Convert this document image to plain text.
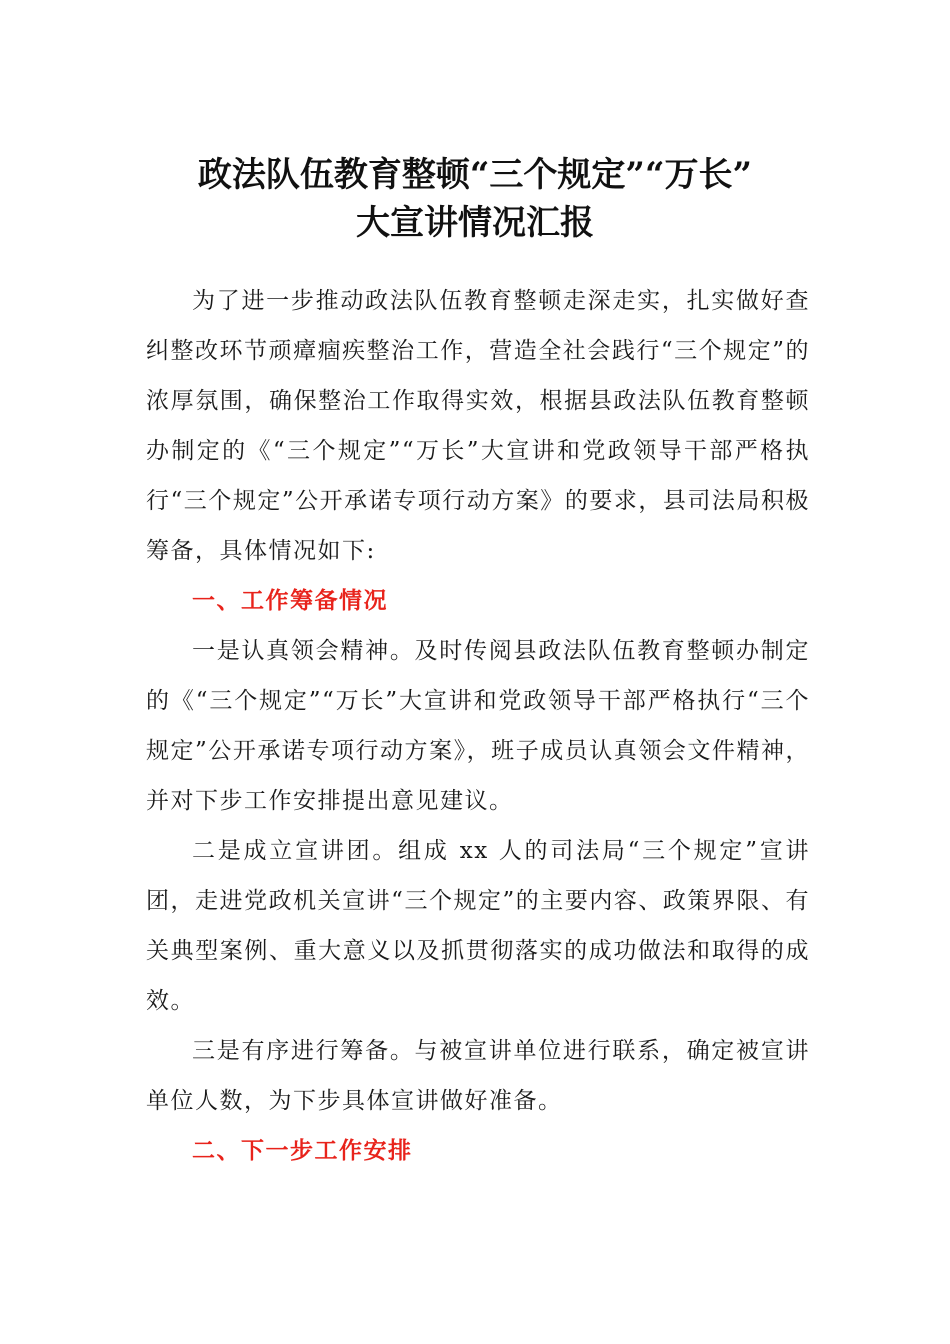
政法队伍教育整顿“三个规定”“万长”
大宣讲情况汇报

为了进一步推动政法队伍教育整顿走深走实，扎实做好查纠整改环节顽瘴痼疾整治工作，营造全社会践行“三个规定”的浓厚氛围，确保整治工作取得实效，根据县政法队伍教育整顿办制定的《“三个规定”“万长”大宣讲和党政领导干部严格执行“三个规定”公开承诺专项行动方案》的要求，县司法局积极筹备，具体情况如下:

一、工作筹备情况

一是认真领会精神。及时传阅县政法队伍教育整顿办制定的《“三个规定”“万长”大宣讲和党政领导干部严格执行“三个规定”公开承诺专项行动方案》，班子成员认真领会文件精神，并对下步工作安排提出意见建议。

二是成立宣讲团。组成 xx 人的司法局“三个规定”宣讲团，走进党政机关宣讲“三个规定”的主要内容、政策界限、有关典型案例、重大意义以及抓贯彻落实的成功做法和取得的成效。

三是有序进行筹备。与被宣讲单位进行联系，确定被宣讲单位人数，为下步具体宣讲做好准备。

二、下一步工作安排
